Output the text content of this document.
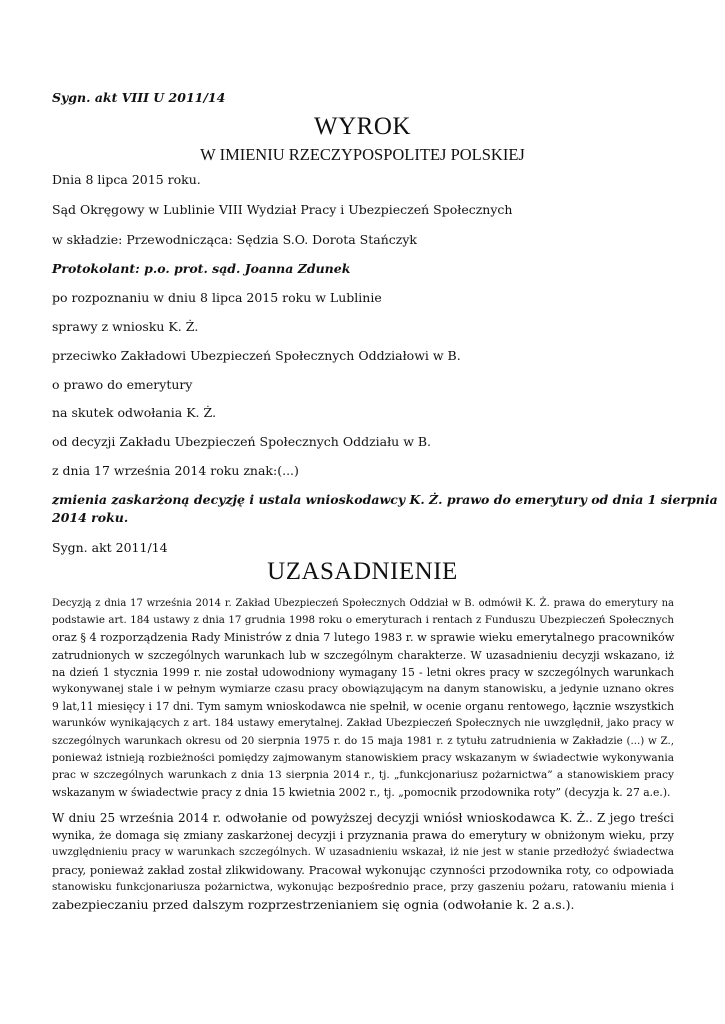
Sygn. akt VIII U 2011/14
WYROK
W IMIENIU RZECZYPOSPOLITEJ POLSKIEJ
Dnia 8 lipca 2015 roku.
Sąd Okręgowy w Lublinie VIII Wydział Pracy i Ubezpieczeń Społecznych
w składzie: Przewodnicząca: Sędzia S.O. Dorota Stańczyk
Protokolant: p.o. prot. sąd. Joanna Zdunek
po rozpoznaniu w dniu 8 lipca 2015 roku w Lublinie
sprawy z wniosku K. Ż.
przeciwko Zakładowi Ubezpieczeń Społecznych Oddziałowi w B.
o prawo do emerytury
na skutek odwołania K. Ż.
od decyzji Zakładu Ubezpieczeń Społecznych Oddziału w B.
z dnia 17 września 2014 roku znak:(...)
zmienia zaskarżoną decyzję i ustala wnioskodawcy K. Ż. prawo do emerytury od dnia 1 sierpnia
2014 roku.
Sygn. akt 2011/14
UZASADNIENIE
Decyzją z dnia 17 września 2014 r. Zakład Ubezpieczeń Społecznych Oddział w B. odmówił K. Ż. prawa do emerytury na
podstawie art. 184 ustawy z dnia 17 grudnia 1998 roku o emeryturach i rentach z Funduszu Ubezpieczeń Społecznych
oraz § 4 rozporządzenia Rady Ministrów z dnia 7 lutego 1983 r. w sprawie wieku emerytalnego pracowników
zatrudnionych w szczególnych warunkach lub w szczególnym charakterze. W uzasadnieniu decyzji wskazano, iż
na dzień 1 stycznia 1999 r. nie został udowodniony wymagany 15 - letni okres pracy w szczególnych warunkach
wykonywanej stale i w pełnym wymiarze czasu pracy obowiązującym na danym stanowisku, a jedynie uznano okres
9 lat,11 miesięcy i 17 dni. Tym samym wnioskodawca nie spełnił, w ocenie organu rentowego, łącznie wszystkich
warunków wynikających z art. 184 ustawy emerytalnej. Zakład Ubezpieczeń Społecznych nie uwzględnił, jako pracy w
szczególnych warunkach okresu od 20 sierpnia 1975 r. do 15 maja 1981 r. z tytułu zatrudnienia w Zakładzie (...) w Z.,
ponieważ istnieją rozbieżności pomiędzy zajmowanym stanowiskiem pracy wskazanym w świadectwie wykonywania
prac w szczególnych warunkach z dnia 13 sierpnia 2014 r., tj. „funkcjonariusz pożarnictwa” a stanowiskiem pracy
wskazanym w świadectwie pracy z dnia 15 kwietnia 2002 r., tj. „pomocnik przodownika roty” (decyzja k. 27 a.e.).
W dniu 25 września 2014 r. odwołanie od powyższej decyzji wniósł wnioskodawca K. Ż.. Z jego treści
wynika, że domaga się zmiany zaskarżonej decyzji i przyznania prawa do emerytury w obniżonym wieku, przy
uwzględnieniu pracy w warunkach szczególnych. W uzasadnieniu wskazał, iż nie jest w stanie przedłożyć świadectwa
pracy, ponieważ zakład został zlikwidowany. Pracował wykonując czynności przodownika roty, co odpowiada
stanowisku funkcjonariusza pożarnictwa, wykonując bezpośrednio prace, przy gaszeniu pożaru, ratowaniu mienia i
zabezpieczaniu przed dalszym rozprzestrzenianiem się ognia (odwołanie k. 2 a.s.).
